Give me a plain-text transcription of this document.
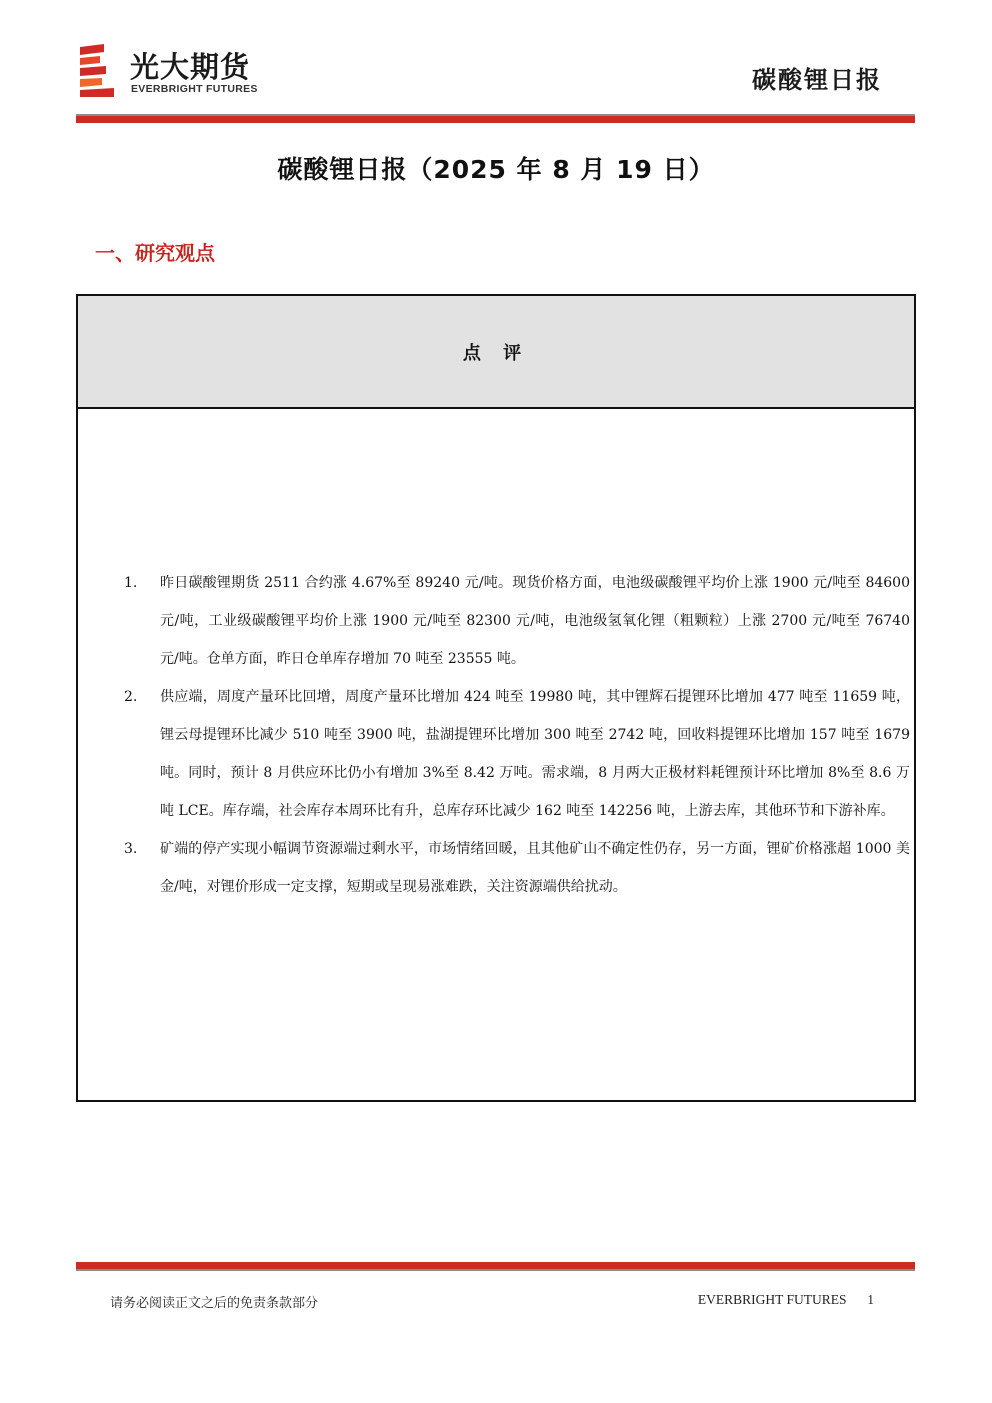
光大期货
EVERBRIGHT FUTURES	碳酸锂日报
碳酸锂日报（2025 年 8 月 19 日）
一、研究观点
点 评
1.	昨日碳酸锂期货 2511 合约涨 4.67%至 89240 元/吨。现货价格方面，电池级碳酸锂平均价上涨 1900 元/吨至 84600 元/吨，工业级碳酸锂平均价上涨 1900 元/吨至 82300 元/吨，电池级氢氧化锂（粗颗粒）上涨 2700 元/吨至 76740 元/吨。仓单方面，昨日仓单库存增加 70 吨至 23555 吨。
2.	供应端，周度产量环比回增，周度产量环比增加 424 吨至 19980 吨，其中锂辉石提锂环比增加 477 吨至 11659 吨，锂云母提锂环比减少 510 吨至 3900 吨，盐湖提锂环比增加 300 吨至 2742 吨，回收料提锂环比增加 157 吨至 1679 吨。同时，预计 8 月供应环比仍小有增加 3%至 8.42 万吨。需求端，8 月两大正极材料耗锂预计环比增加 8%至 8.6 万吨 LCE。库存端，社会库存本周环比有升，总库存环比减少 162 吨至 142256 吨，上游去库，其他环节和下游补库。
3.	矿端的停产实现小幅调节资源端过剩水平，市场情绪回暖，且其他矿山不确定性仍存，另一方面，锂矿价格涨超 1000 美金/吨，对锂价形成一定支撑，短期或呈现易涨难跌，关注资源端供给扰动。
请务必阅读正文之后的免责条款部分	EVERBRIGHT FUTURES 1
